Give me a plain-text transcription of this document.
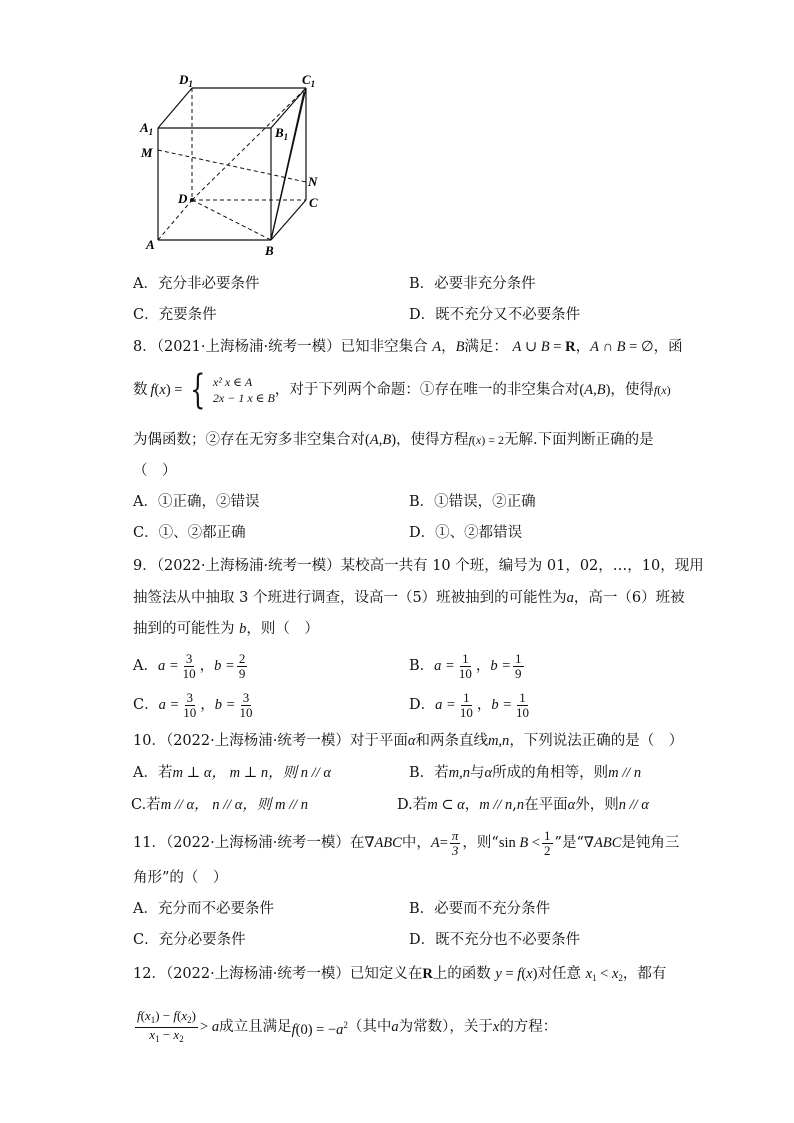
$D_1$	$C_1$
$A_1$	$B_1$
M
N
D	C
A	B
A．充分非必要条件	B．必要非充分条件
C．充要条件	D．既不充分又不必要条件
8．（2021·上海杨浦·统考一模）已知非空集合 A，B满足： A ∪ B = R，A ∩ B = ∅，函
数 f(x) = { x² x ∈ A
2x − 1 x ∈ B ，对于下列两个命题：①存在唯一的非空集合对 (A,B) ，使得 f(x)
为偶函数；②存在无穷多非空集合对(A,B)，使得方程f(x) = 2无解.下面判断正确的是
（　）
A．①正确，②错误	B．①错误，②正确
C．①、②都正确	D．①、②都错误
9．（2022·上海杨浦·统考一模）某校高一共有 10 个班，编号为 01，02，…，10，现用
抽签法从中抽取 3 个班进行调查，设高一（5）班被抽到的可能性为a，高一（6）班被
抽到的可能性为 b，则（　）
A． $a = \frac{3}{10}$ ， $b = \frac{2}{9}$	B． $a = \frac{1}{10}$ ， $b = \frac{1}{9}$
C． $a = \frac{3}{10}$ ， $b = \frac{3}{10}$	D． $a = \frac{1}{10}$ ， $b = \frac{1}{10}$
10．（2022·上海杨浦·统考一模）对于平面α和两条直线m,n，下列说法正确的是（　）
A．若m ⊥ α， m ⊥ n，则 n // α	B．若m,n与α所成的角相等，则m // n
C.若m // α， n // α，则 m // n	D.若m ⊂ α，m // n,n在平面α外，则n // α
11．（2022·上海杨浦·统考一模）在 ∇ABC 中， $A = \frac{\pi}{3}$ ，则“ $\sin B < \frac{1}{2}$ ”是“ ∇ABC 是钝角三
角形”的（　）
A．充分而不必要条件	B．必要而不充分条件
C．充分必要条件	D．既不充分也不必要条件
12．（2022·上海杨浦·统考一模）已知定义在R上的函数 y = f(x)对任意 $x_1 < x_2$，都有
$\frac{f(x_1) - f(x_2)}{x_1 - x_2} > a$ 成立且满足 $f(0) = -a^2$ （其中 a 为常数），关于 x 的方程：
